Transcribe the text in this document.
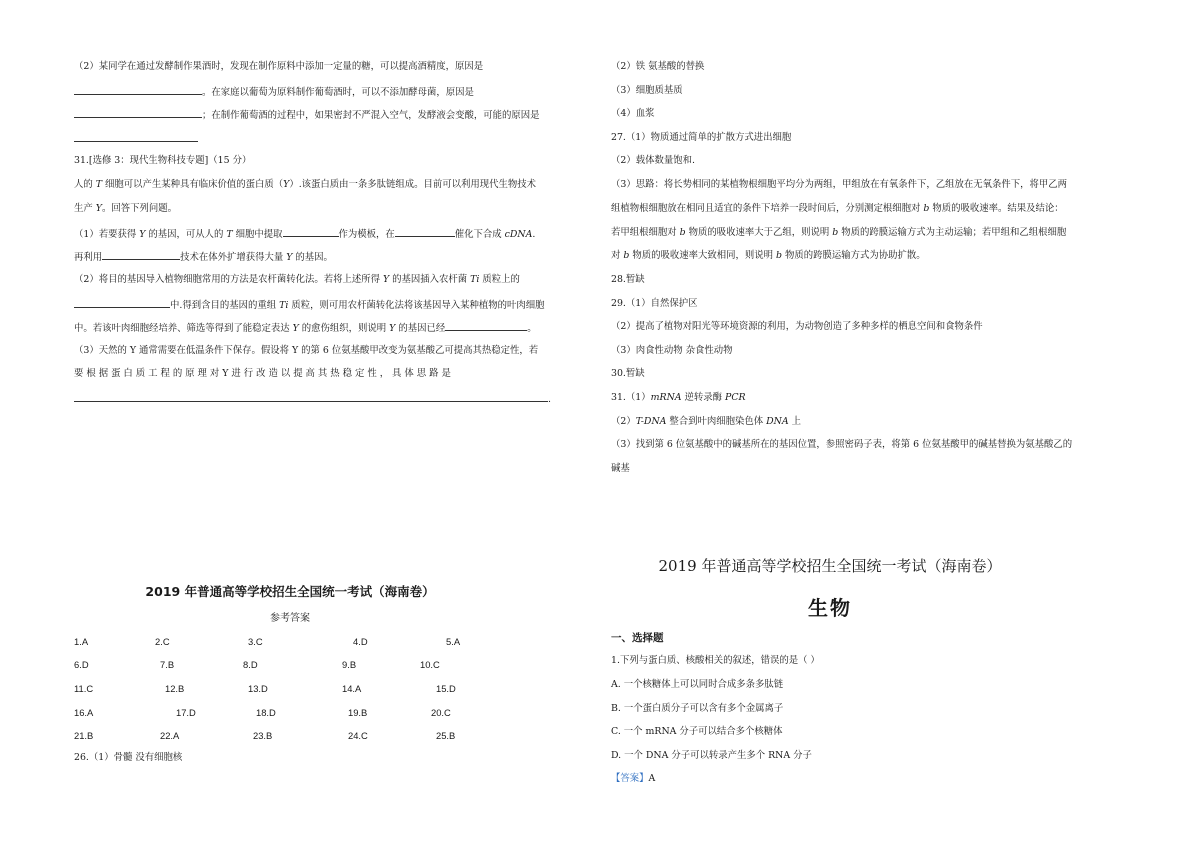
（2）某同学在通过发酵制作果酒时，发现在制作原料中添加一定量的糖，可以提高酒精度，原因是
。在家庭以葡萄为原料制作葡萄酒时，可以不添加酵母菌，原因是
；在制作葡萄酒的过程中，如果密封不严混入空气，发酵液会变酸，可能的原因是
31.[选修 3：现代生物科技专题]（15 分）
人的 T 细胞可以产生某种具有临床价值的蛋白质（Y）.该蛋白质由一条多肽链组成。目前可以利用现代生物技术
生产 Y。回答下列问题。
（1）若要获得 Y 的基因，可从人的 T 细胞中提取	作为模板，在	催化下合成 cDNA.
再利用	技术在体外扩增获得大量 Y 的基因。
（2）将目的基因导入植物细胞常用的方法是农杆菌转化法。若将上述所得 Y 的基因插入农杆菌 Ti 质粒上的
中.得到含目的基因的重组 Ti 质粒，则可用农杆菌转化法将该基因导入某种植物的叶肉细胞
中。若该叶肉细胞经培养、筛选等得到了能稳定表达 Y 的愈伤组织，则说明 Y 的基因已经	。
（3）天然的 Y 通常需要在低温条件下保存。假设将 Y 的第 6 位氨基酸甲改变为氨基酸乙可提高其热稳定性，若
要 根 据 蛋 白 质 工 程 的 原 理 对 Y 进 行 改 造 以 提 高 其 热 稳 定 性 ， 具 体 思 路 是
.
2019 年普通高等学校招生全国统一考试（海南卷）
参考答案
1.A	2.C	3.C	4.D	5.A
6.D	7.B	8.D	9.B	10.C
11.C	12.B	13.D	14.A	15.D
16.A	17.D	18.D	19.B	20.C
21.B	22.A	23.B	24.C	25.B
26.（1）骨髓 没有细胞核
（2）铁 氨基酸的替换
（3）细胞质基质
（4）血浆
27.（1）物质通过简单的扩散方式进出细胞
（2）载体数量饱和.
（3）思路：将长势相同的某植物根细胞平均分为两组，甲组放在有氧条件下，乙组放在无氧条件下，将甲乙两
组植物根细胞放在相同且适宜的条件下培养一段时间后，分别测定根细胞对 b 物质的吸收速率。结果及结论：
若甲组根细胞对 b 物质的吸收速率大于乙组，则说明 b 物质的跨膜运输方式为主动运输；若甲组和乙组根细胞
对 b 物质的吸收速率大致相同，则说明 b 物质的跨膜运输方式为协助扩散。
28.暂缺
29.（1）自然保护区
（2）提高了植物对阳光等环境资源的利用，为动物创造了多种多样的栖息空间和食物条件
（3）肉食性动物 杂食性动物
30.暂缺
31.（1）mRNA 逆转录酶 PCR
（2）T-DNA 整合到叶肉细胞染色体 DNA 上
（3）找到第 6 位氨基酸中的碱基所在的基因位置，参照密码子表，将第 6 位氨基酸甲的碱基替换为氨基酸乙的
碱基
2019 年普通高等学校招生全国统一考试（海南卷）
生物
一、选择题
1.下列与蛋白质、核酸相关的叙述，错误的是（ ）
A. 一个核糖体上可以同时合成多条多肽链
B. 一个蛋白质分子可以含有多个金属离子
C. 一个 mRNA 分子可以结合多个核糖体
D. 一个 DNA 分子可以转录产生多个 RNA 分子
【答案】A
